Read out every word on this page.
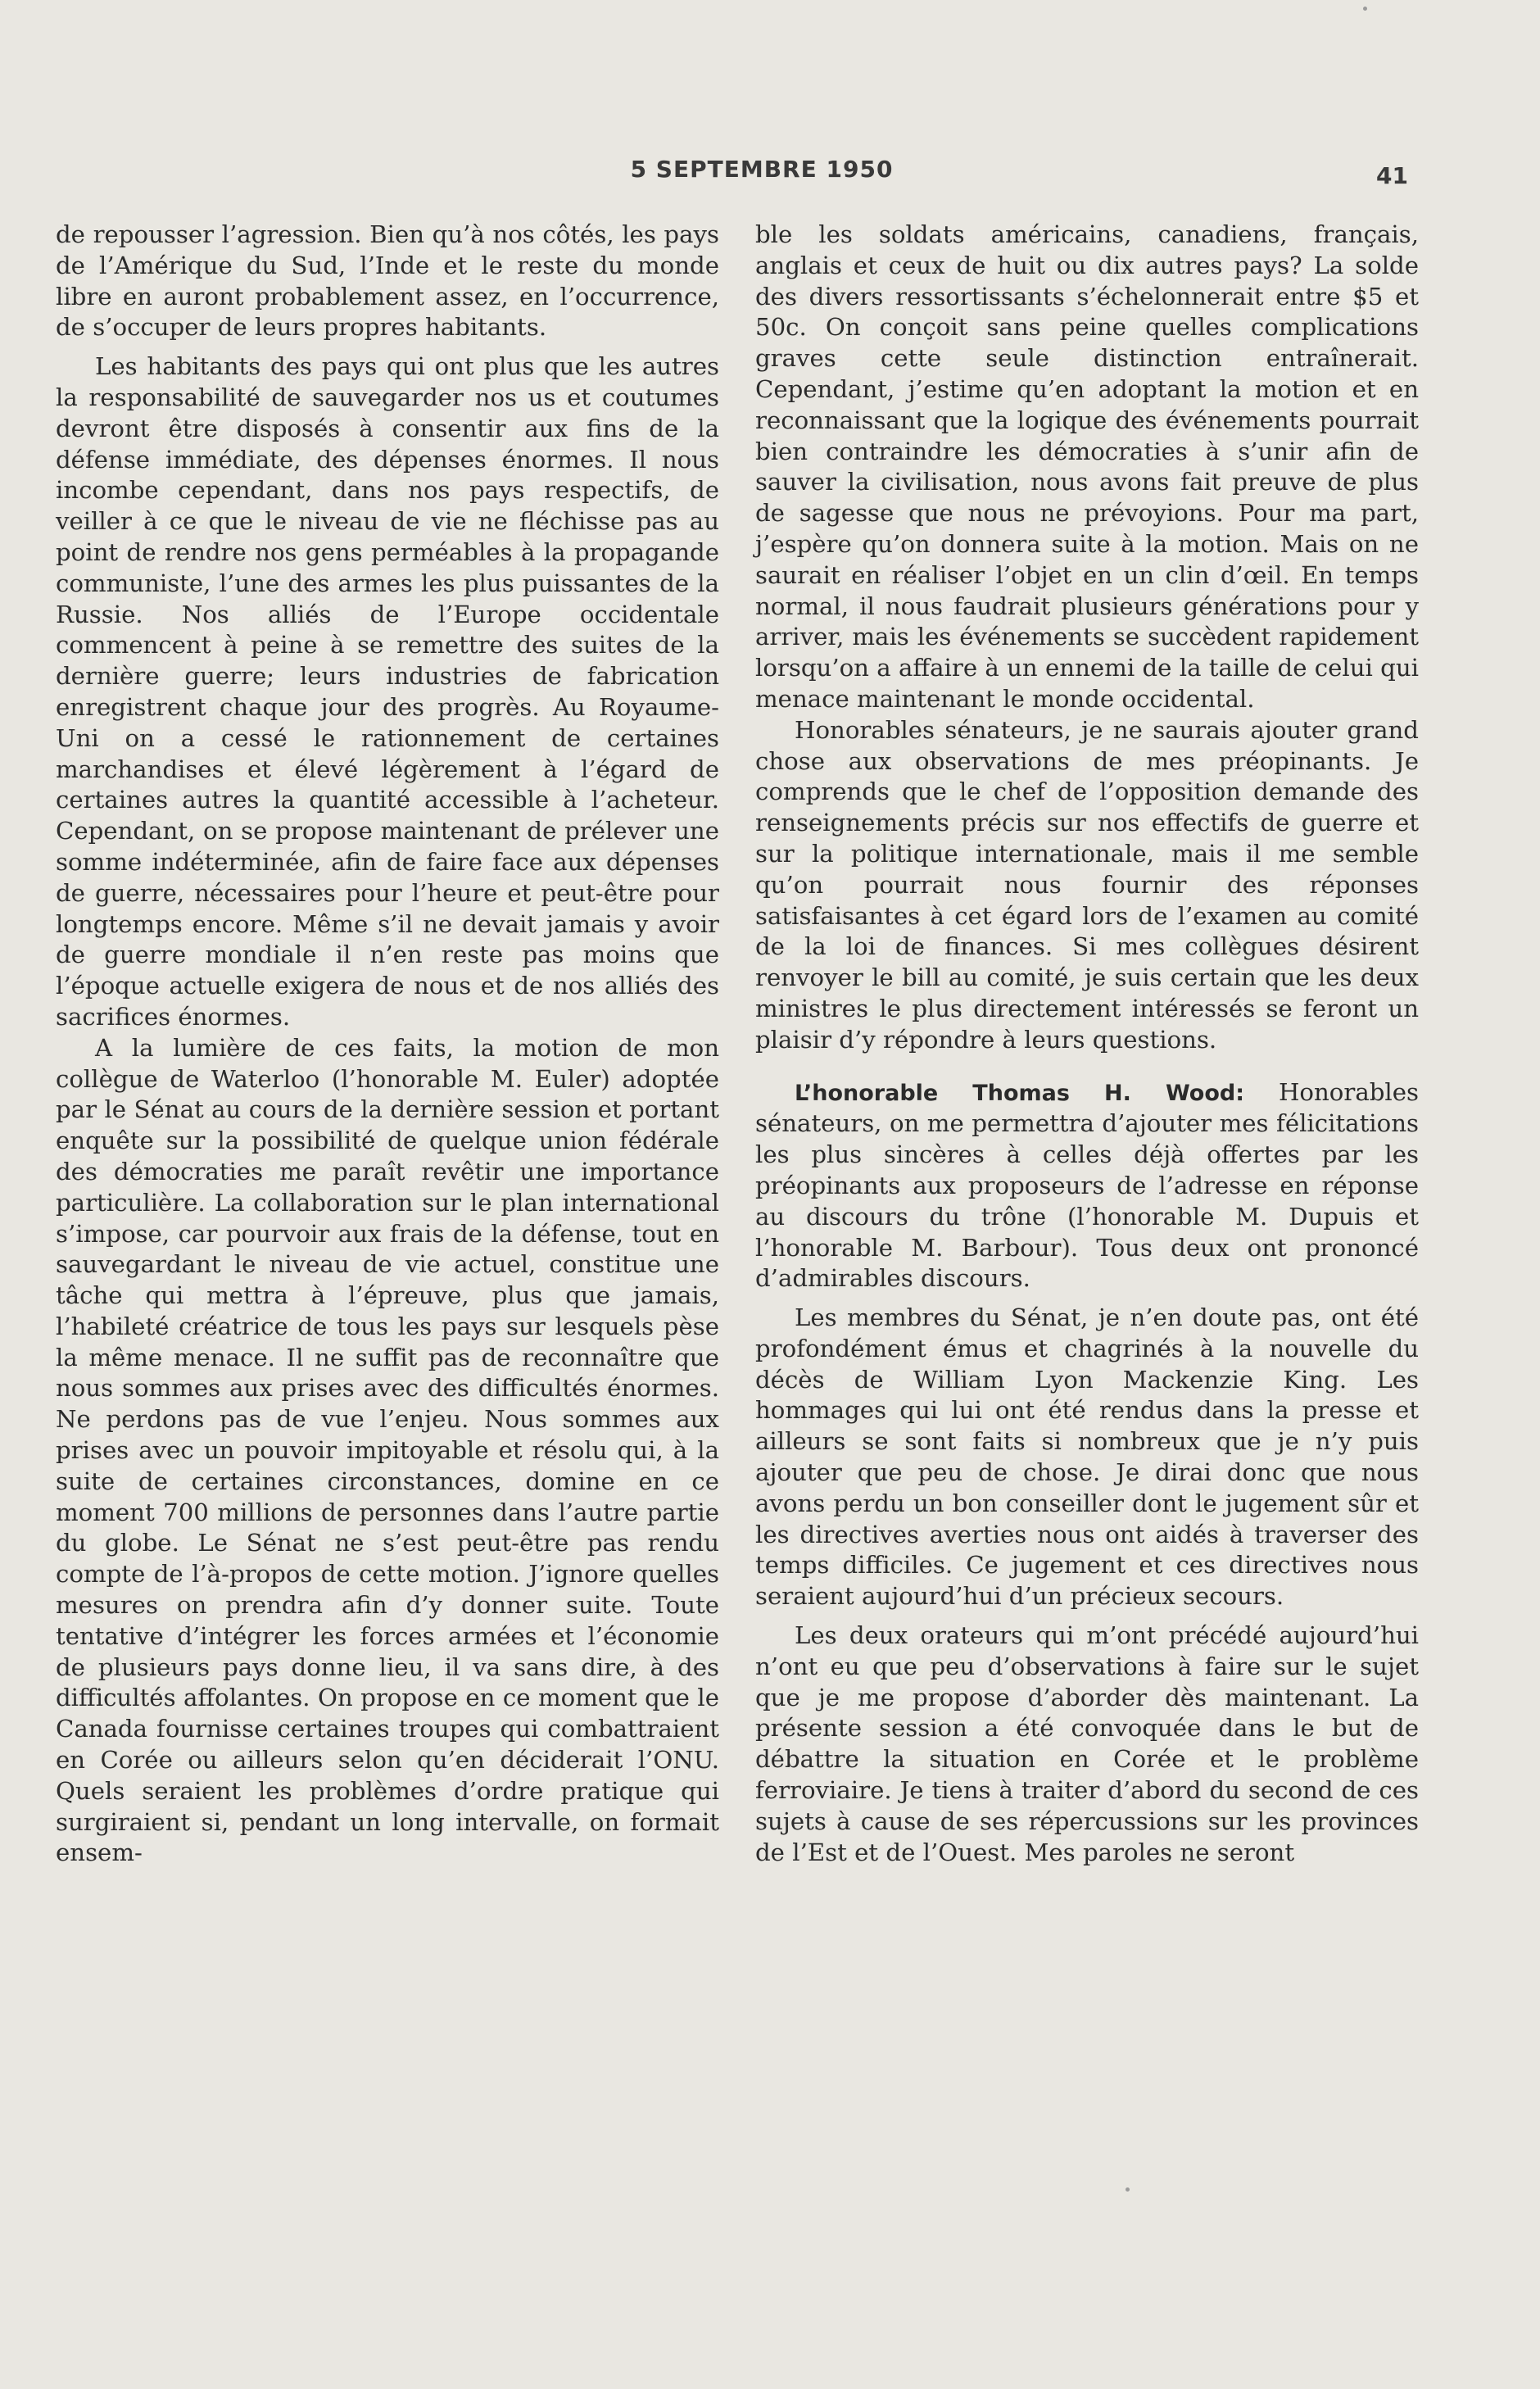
5 SEPTEMBRE 1950	41

de repousser l’agression. Bien qu’à nos côtés, les pays de l’Amérique du Sud, l’Inde et le reste du monde libre en auront probablement assez, en l’occurrence, de s’occuper de leurs propres habitants.

Les habitants des pays qui ont plus que les autres la responsabilité de sauvegarder nos us et coutumes devront être disposés à consentir aux fins de la défense immédiate, des dépenses énormes. Il nous incombe cependant, dans nos pays respectifs, de veiller à ce que le niveau de vie ne fléchisse pas au point de rendre nos gens perméables à la propagande communiste, l’une des armes les plus puissantes de la Russie. Nos alliés de l’Europe occidentale commencent à peine à se remettre des suites de la dernière guerre; leurs industries de fabrication enregistrent chaque jour des progrès. Au Royaume-Uni on a cessé le rationnement de certaines marchandises et élevé légèrement à l’égard de certaines autres la quantité accessible à l’acheteur. Cependant, on se propose maintenant de prélever une somme indéterminée, afin de faire face aux dépenses de guerre, nécessaires pour l’heure et peut-être pour longtemps encore. Même s’il ne devait jamais y avoir de guerre mondiale il n’en reste pas moins que l’époque actuelle exigera de nous et de nos alliés des sacrifices énormes.

A la lumière de ces faits, la motion de mon collègue de Waterloo (l’honorable M. Euler) adoptée par le Sénat au cours de la dernière session et portant enquête sur la possibilité de quelque union fédérale des démocraties me paraît revêtir une importance particulière. La collaboration sur le plan international s’impose, car pourvoir aux frais de la défense, tout en sauvegardant le niveau de vie actuel, constitue une tâche qui mettra à l’épreuve, plus que jamais, l’habileté créatrice de tous les pays sur lesquels pèse la même menace. Il ne suffit pas de reconnaître que nous sommes aux prises avec des difficultés énormes. Ne perdons pas de vue l’enjeu. Nous sommes aux prises avec un pouvoir impitoyable et résolu qui, à la suite de certaines circonstances, domine en ce moment 700 millions de personnes dans l’autre partie du globe. Le Sénat ne s’est peut-être pas rendu compte de l’à-propos de cette motion. J’ignore quelles mesures on prendra afin d’y donner suite. Toute tentative d’intégrer les forces armées et l’économie de plusieurs pays donne lieu, il va sans dire, à des difficultés affolantes. On propose en ce moment que le Canada fournisse certaines troupes qui combattraient en Corée ou ailleurs selon qu’en déciderait l’ONU. Quels seraient les problèmes d’ordre pratique qui surgiraient si, pendant un long intervalle, on formait ensem-

ble les soldats américains, canadiens, français, anglais et ceux de huit ou dix autres pays? La solde des divers ressortissants s’échelonnerait entre $5 et 50c. On conçoit sans peine quelles complications graves cette seule distinction entraînerait. Cependant, j’estime qu’en adoptant la motion et en reconnaissant que la logique des événements pourrait bien contraindre les démocraties à s’unir afin de sauver la civilisation, nous avons fait preuve de plus de sagesse que nous ne prévoyions. Pour ma part, j’espère qu’on donnera suite à la motion. Mais on ne saurait en réaliser l’objet en un clin d’œil. En temps normal, il nous faudrait plusieurs générations pour y arriver, mais les événements se succèdent rapidement lorsqu’on a affaire à un ennemi de la taille de celui qui menace maintenant le monde occidental.

Honorables sénateurs, je ne saurais ajouter grand chose aux observations de mes préopinants. Je comprends que le chef de l’opposition demande des renseignements précis sur nos effectifs de guerre et sur la politique internationale, mais il me semble qu’on pourrait nous fournir des réponses satisfaisantes à cet égard lors de l’examen au comité de la loi de finances. Si mes collègues désirent renvoyer le bill au comité, je suis certain que les deux ministres le plus directement intéressés se feront un plaisir d’y répondre à leurs questions.

L’honorable Thomas H. Wood: Honorables sénateurs, on me permettra d’ajouter mes félicitations les plus sincères à celles déjà offertes par les préopinants aux proposeurs de l’adresse en réponse au discours du trône (l’honorable M. Dupuis et l’honorable M. Barbour). Tous deux ont prononcé d’admirables discours.

Les membres du Sénat, je n’en doute pas, ont été profondément émus et chagrinés à la nouvelle du décès de William Lyon Mackenzie King. Les hommages qui lui ont été rendus dans la presse et ailleurs se sont faits si nombreux que je n’y puis ajouter que peu de chose. Je dirai donc que nous avons perdu un bon conseiller dont le jugement sûr et les directives averties nous ont aidés à traverser des temps difficiles. Ce jugement et ces directives nous seraient aujourd’hui d’un précieux secours.

Les deux orateurs qui m’ont précédé aujourd’hui n’ont eu que peu d’observations à faire sur le sujet que je me propose d’aborder dès maintenant. La présente session a été convoquée dans le but de débattre la situation en Corée et le problème ferroviaire. Je tiens à traiter d’abord du second de ces sujets à cause de ses répercussions sur les provinces de l’Est et de l’Ouest. Mes paroles ne seront
